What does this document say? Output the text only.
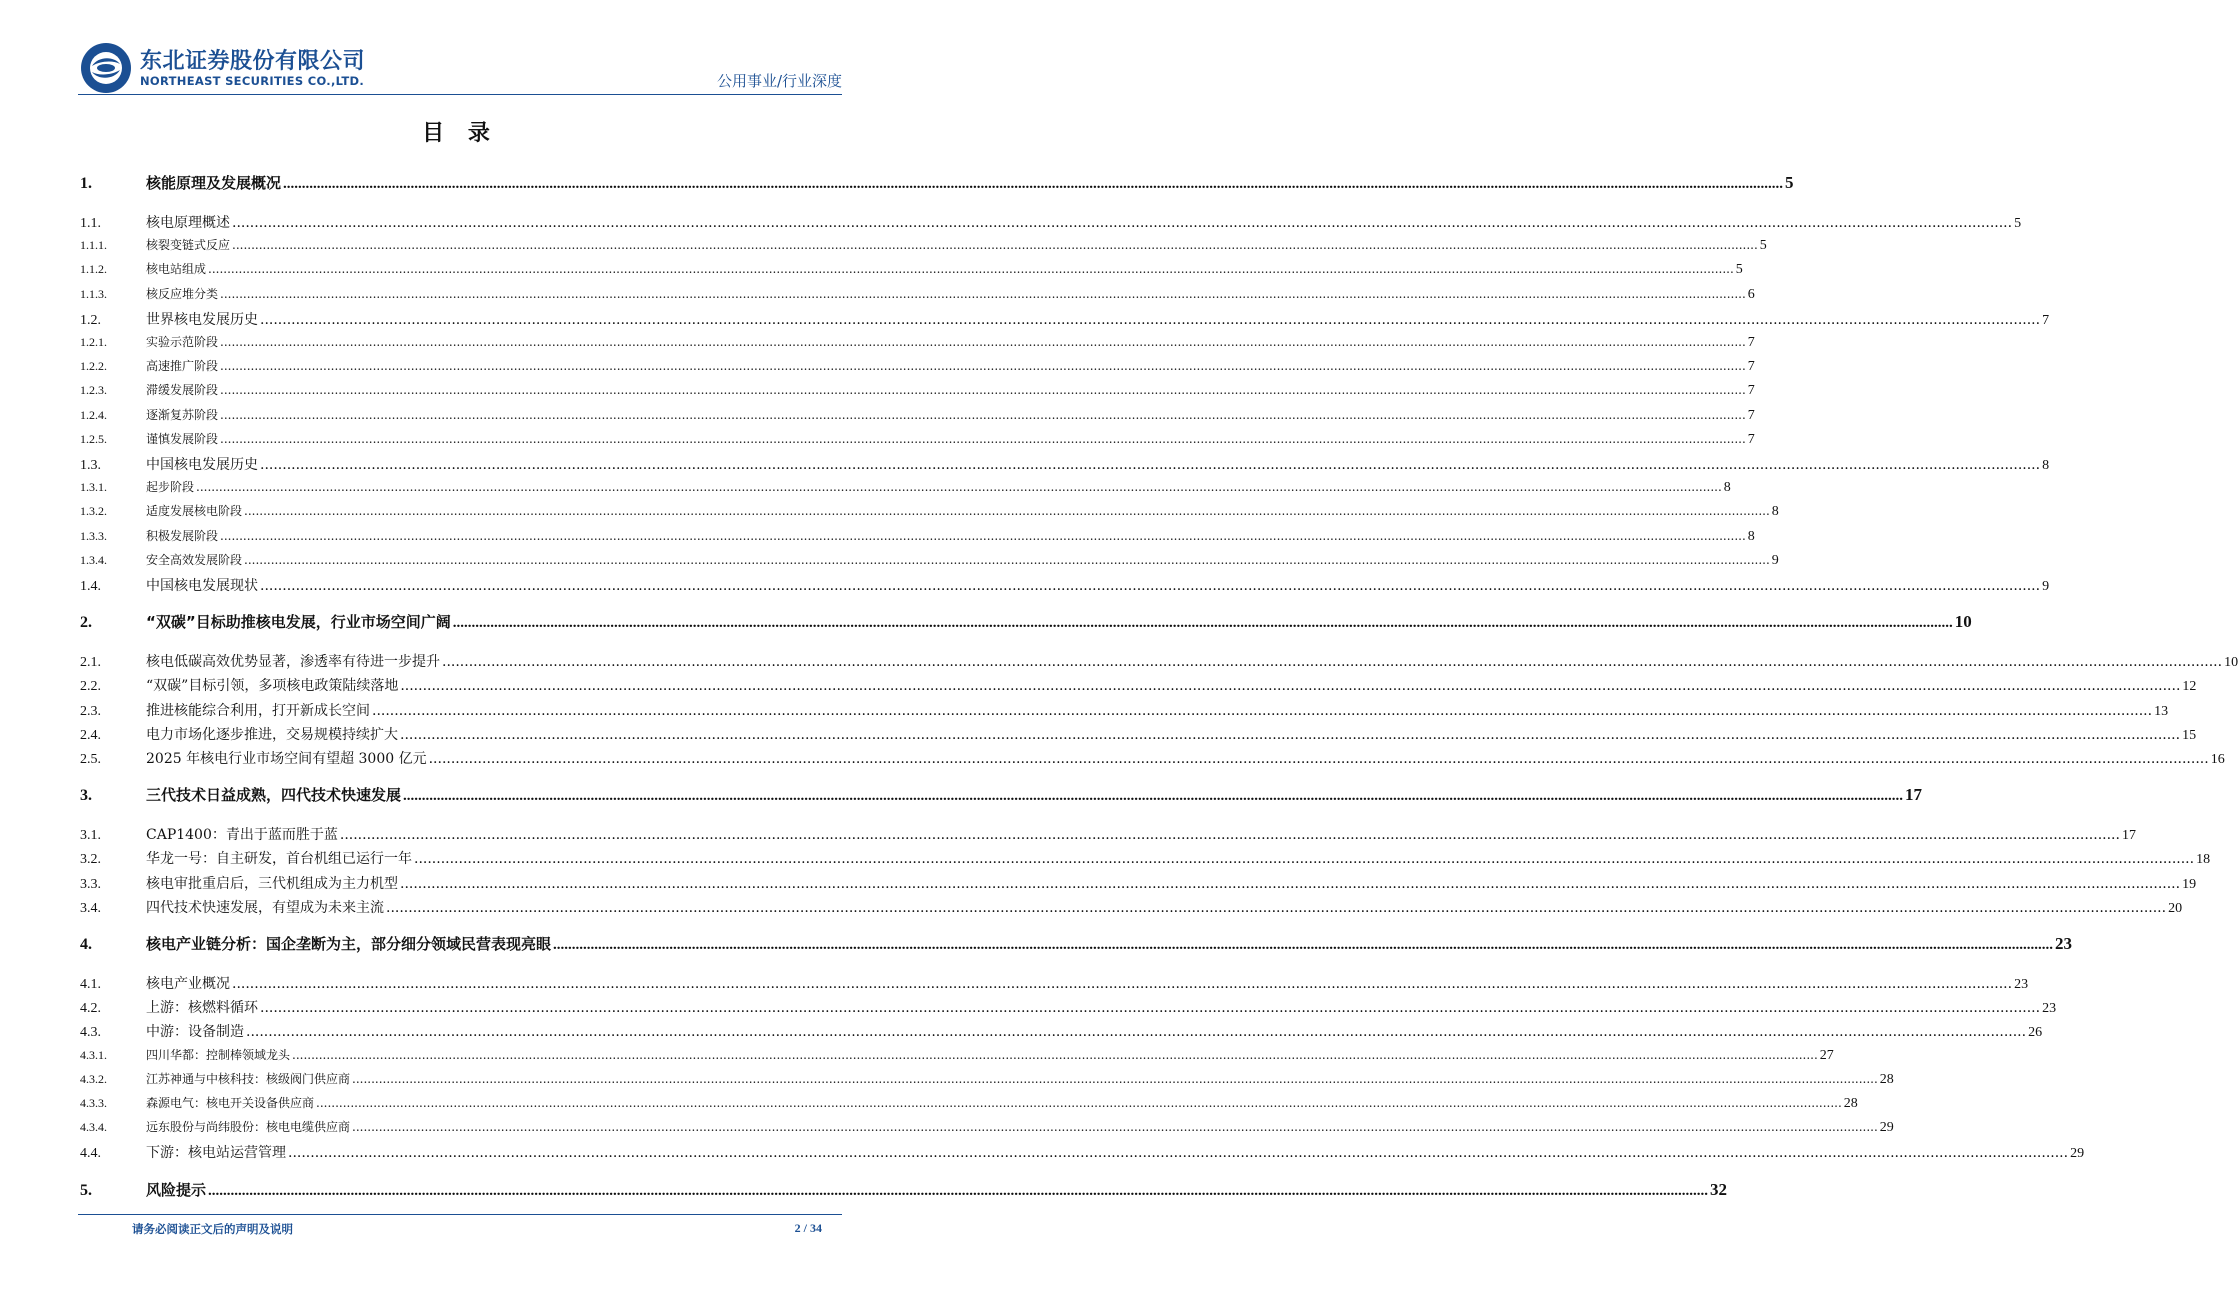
东北证券股份有限公司
NORTHEAST SECURITIES CO.,LTD.	公用事业/行业深度
目 录
1.	核能原理及发展概况 ................................................................................................................................................................................................................................................................................................................................................................................................................ 5
1.1.	核电原理概述 ................................................................................................................................................................................................................................................................................................................................................................................................................ 5
1.1.1.	核裂变链式反应 ................................................................................................................................................................................................................................................................................................................................................................................................................ 5
1.1.2.	核电站组成 ................................................................................................................................................................................................................................................................................................................................................................................................................ 5
1.1.3.	核反应堆分类 ................................................................................................................................................................................................................................................................................................................................................................................................................ 6
1.2.	世界核电发展历史 ................................................................................................................................................................................................................................................................................................................................................................................................................ 7
1.2.1.	实验示范阶段 ................................................................................................................................................................................................................................................................................................................................................................................................................ 7
1.2.2.	高速推广阶段 ................................................................................................................................................................................................................................................................................................................................................................................................................ 7
1.2.3.	滞缓发展阶段 ................................................................................................................................................................................................................................................................................................................................................................................................................ 7
1.2.4.	逐渐复苏阶段 ................................................................................................................................................................................................................................................................................................................................................................................................................ 7
1.2.5.	谨慎发展阶段 ................................................................................................................................................................................................................................................................................................................................................................................................................ 7
1.3.	中国核电发展历史 ................................................................................................................................................................................................................................................................................................................................................................................................................ 8
1.3.1.	起步阶段 ................................................................................................................................................................................................................................................................................................................................................................................................................ 8
1.3.2.	适度发展核电阶段 ................................................................................................................................................................................................................................................................................................................................................................................................................ 8
1.3.3.	积极发展阶段 ................................................................................................................................................................................................................................................................................................................................................................................................................ 8
1.3.4.	安全高效发展阶段 ................................................................................................................................................................................................................................................................................................................................................................................................................ 9
1.4.	中国核电发展现状 ................................................................................................................................................................................................................................................................................................................................................................................................................ 9
2.	“双碳”目标助推核电发展，行业市场空间广阔 ................................................................................................................................................................................................................................................................................................................................................................................................................ 10
2.1.	核电低碳高效优势显著，渗透率有待进一步提升 ................................................................................................................................................................................................................................................................................................................................................................................................................ 10
2.2.	“双碳”目标引领，多项核电政策陆续落地 ................................................................................................................................................................................................................................................................................................................................................................................................................ 12
2.3.	推进核能综合利用，打开新成长空间 ................................................................................................................................................................................................................................................................................................................................................................................................................ 13
2.4.	电力市场化逐步推进，交易规模持续扩大 ................................................................................................................................................................................................................................................................................................................................................................................................................ 15
2.5.	2025 年核电行业市场空间有望超 3000 亿元 ................................................................................................................................................................................................................................................................................................................................................................................................................ 16
3.	三代技术日益成熟，四代技术快速发展 ................................................................................................................................................................................................................................................................................................................................................................................................................ 17
3.1.	CAP1400：青出于蓝而胜于蓝 ................................................................................................................................................................................................................................................................................................................................................................................................................ 17
3.2.	华龙一号：自主研发，首台机组已运行一年 ................................................................................................................................................................................................................................................................................................................................................................................................................ 18
3.3.	核电审批重启后，三代机组成为主力机型 ................................................................................................................................................................................................................................................................................................................................................................................................................ 19
3.4.	四代技术快速发展，有望成为未来主流 ................................................................................................................................................................................................................................................................................................................................................................................................................ 20
4.	核电产业链分析：国企垄断为主，部分细分领域民营表现亮眼 ................................................................................................................................................................................................................................................................................................................................................................................................................ 23
4.1.	核电产业概况 ................................................................................................................................................................................................................................................................................................................................................................................................................ 23
4.2.	上游：核燃料循环 ................................................................................................................................................................................................................................................................................................................................................................................................................ 23
4.3.	中游：设备制造 ................................................................................................................................................................................................................................................................................................................................................................................................................ 26
4.3.1.	四川华都：控制棒领域龙头 ................................................................................................................................................................................................................................................................................................................................................................................................................ 27
4.3.2.	江苏神通与中核科技：核级阀门供应商 ................................................................................................................................................................................................................................................................................................................................................................................................................ 28
4.3.3.	森源电气：核电开关设备供应商 ................................................................................................................................................................................................................................................................................................................................................................................................................ 28
4.3.4.	远东股份与尚纬股份：核电电缆供应商 ................................................................................................................................................................................................................................................................................................................................................................................................................ 29
4.4.	下游：核电站运营管理 ................................................................................................................................................................................................................................................................................................................................................................................................................ 29
5.	风险提示 ................................................................................................................................................................................................................................................................................................................................................................................................................ 32
请务必阅读正文后的声明及说明	2 / 34
